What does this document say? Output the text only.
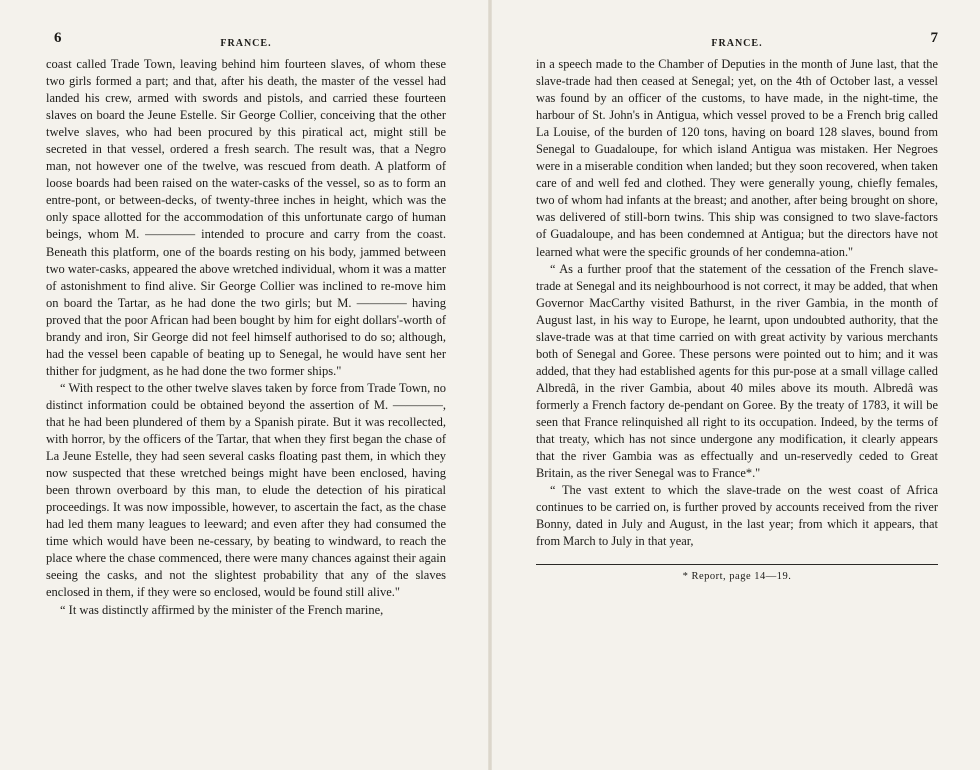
6	FRANCE.

coast called Trade Town, leaving behind him fourteen slaves, of whom these two girls formed a part; and that, after his death, the master of the vessel had landed his crew, armed with swords and pistols, and carried these fourteen slaves on board the Jeune Estelle. Sir George Collier, conceiving that the other twelve slaves, who had been procured by this piratical act, might still be secreted in that vessel, ordered a fresh search. The result was, that a Negro man, not however one of the twelve, was rescued from death. A platform of loose boards had been raised on the water-casks of the vessel, so as to form an entre-pont, or between-decks, of twenty-three inches in height, which was the only space allotted for the accommodation of this unfortunate cargo of human beings, whom M. ———— intended to procure and carry from the coast. Beneath this platform, one of the boards resting on his body, jammed between two water-casks, appeared the above wretched individual, whom it was a matter of astonishment to find alive. Sir George Collier was inclined to re-move him on board the Tartar, as he had done the two girls; but M. ———— having proved that the poor African had been bought by him for eight dollars'-worth of brandy and iron, Sir George did not feel himself authorised to do so; although, had the vessel been capable of beating up to Senegal, he would have sent her thither for judgment, as he had done the two former ships."

“ With respect to the other twelve slaves taken by force from Trade Town, no distinct information could be obtained beyond the assertion of M. ————, that he had been plundered of them by a Spanish pirate. But it was recollected, with horror, by the officers of the Tartar, that when they first began the chase of La Jeune Estelle, they had seen several casks floating past them, in which they now suspected that these wretched beings might have been enclosed, having been thrown overboard by this man, to elude the detection of his piratical proceedings. It was now impossible, however, to ascertain the fact, as the chase had led them many leagues to leeward; and even after they had consumed the time which would have been ne-cessary, by beating to windward, to reach the place where the chase commenced, there were many chances against their again seeing the casks, and not the slightest probability that any of the slaves enclosed in them, if they were so enclosed, would be found still alive."

“ It was distinctly affirmed by the minister of the French marine,

FRANCE.	7

in a speech made to the Chamber of Deputies in the month of June last, that the slave-trade had then ceased at Senegal; yet, on the 4th of October last, a vessel was found by an officer of the customs, to have made, in the night-time, the harbour of St. John's in Antigua, which vessel proved to be a French brig called La Louise, of the burden of 120 tons, having on board 128 slaves, bound from Senegal to Guadaloupe, for which island Antigua was mistaken. Her Negroes were in a miserable condition when landed; but they soon recovered, when taken care of and well fed and clothed. They were generally young, chiefly females, two of whom had infants at the breast; and another, after being brought on shore, was delivered of still-born twins. This ship was consigned to two slave-factors of Guadaloupe, and has been condemned at Antigua; but the directors have not learned what were the specific grounds of her condemna-ation."

“ As a further proof that the statement of the cessation of the French slave-trade at Senegal and its neighbourhood is not correct, it may be added, that when Governor MacCarthy visited Bathurst, in the river Gambia, in the month of August last, in his way to Europe, he learnt, upon undoubted authority, that the slave-trade was at that time carried on with great activity by various merchants both of Senegal and Goree. These persons were pointed out to him; and it was added, that they had established agents for this pur-pose at a small village called Albredâ, in the river Gambia, about 40 miles above its mouth. Albredâ was formerly a French factory de-pendant on Goree. By the treaty of 1783, it will be seen that France relinquished all right to its occupation. Indeed, by the terms of that treaty, which has not since undergone any modification, it clearly appears that the river Gambia was as effectually and un-reservedly ceded to Great Britain, as the river Senegal was to France*."

“ The vast extent to which the slave-trade on the west coast of Africa continues to be carried on, is further proved by accounts received from the river Bonny, dated in July and August, in the last year; from which it appears, that from March to July in that year,

* Report, page 14—19.
